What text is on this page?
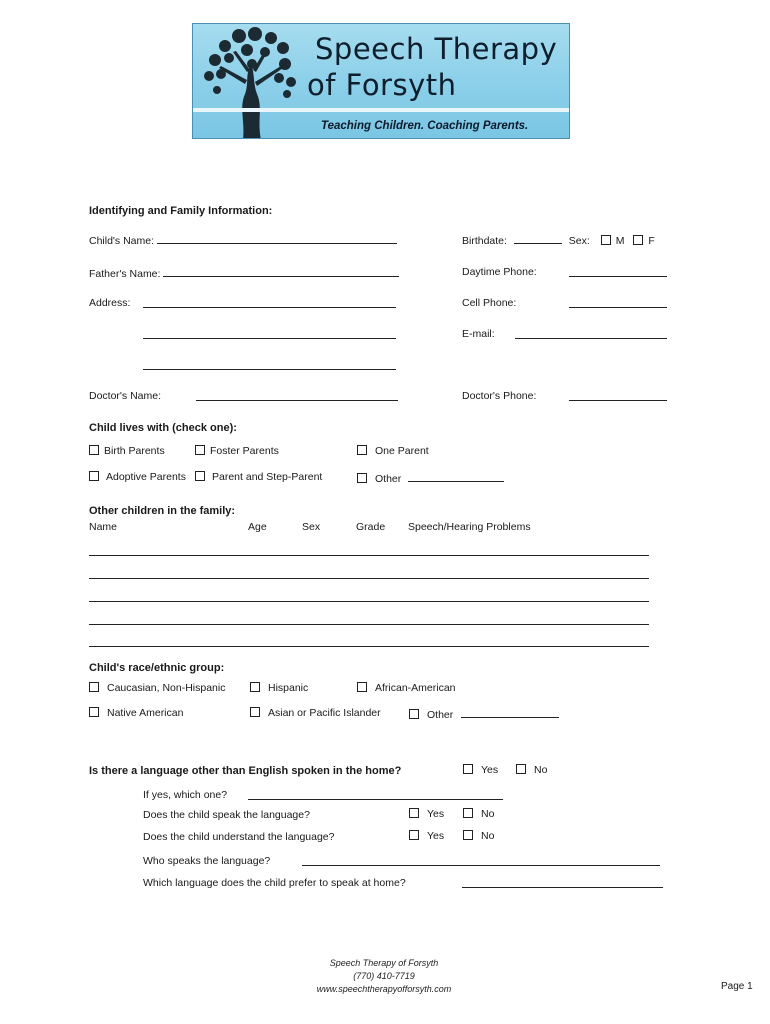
Speech Therapy
of Forsyth
Teaching Children. Coaching Parents.
Identifying and Family Information:
Child's Name:	Birthdate:	Sex: M F
Father's Name:	Daytime Phone:
Address:	Cell Phone:
E-mail:
Doctor's Name:	Doctor's Phone:
Child lives with (check one):
Birth Parents	Foster Parents	One Parent
Adoptive Parents	Parent and Step-Parent	Other
Other children in the family:
Name	Age	Sex	Grade Speech/Hearing Problems
Child's race/ethnic group:
Caucasian, Non-Hispanic	Hispanic	African-American
Native American	Asian or Pacific Islander	Other
Is there a language other than English spoken in the home?	Yes	No
If yes, which one?
Does the child speak the language?	Yes	No
Does the child understand the language?	Yes	No
Who speaks the language?
Which language does the child prefer to speak at home?
Speech Therapy of Forsyth
(770) 410-7719
www.speechtherapyofforsyth.com	Page 1
